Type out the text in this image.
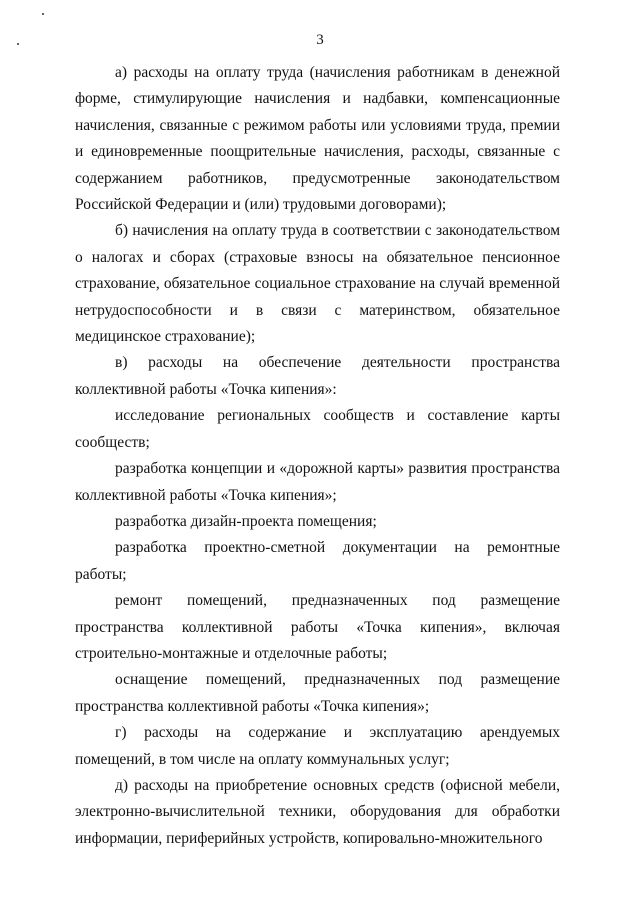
3

а) расходы на оплату труда (начисления работникам в денежной форме, стимулирующие начисления и надбавки, компенсационные начисления, связанные с режимом работы или условиями труда, премии и единовременные поощрительные начисления, расходы, связанные с содержанием работников, предусмотренные законодательством Российской Федерации и (или) трудовыми договорами);

б) начисления на оплату труда в соответствии с законодательством о налогах и сборах (страховые взносы на обязательное пенсионное страхование, обязательное социальное страхование на случай временной нетрудоспособности и в связи с материнством, обязательное медицинское страхование);

в) расходы на обеспечение деятельности пространства коллективной работы «Точка кипения»:

исследование региональных сообществ и составление карты сообществ;

разработка концепции и «дорожной карты» развития пространства коллективной работы «Точка кипения»;

разработка дизайн-проекта помещения;

разработка проектно-сметной документации на ремонтные работы;

ремонт помещений, предназначенных под размещение пространства коллективной работы «Точка кипения», включая строительно-монтажные и отделочные работы;

оснащение помещений, предназначенных под размещение пространства коллективной работы «Точка кипения»;

г) расходы на содержание и эксплуатацию арендуемых помещений, в том числе на оплату коммунальных услуг;

д) расходы на приобретение основных средств (офисной мебели, электронно-вычислительной техники, оборудования для обработки информации, периферийных устройств, копировально-множительного
